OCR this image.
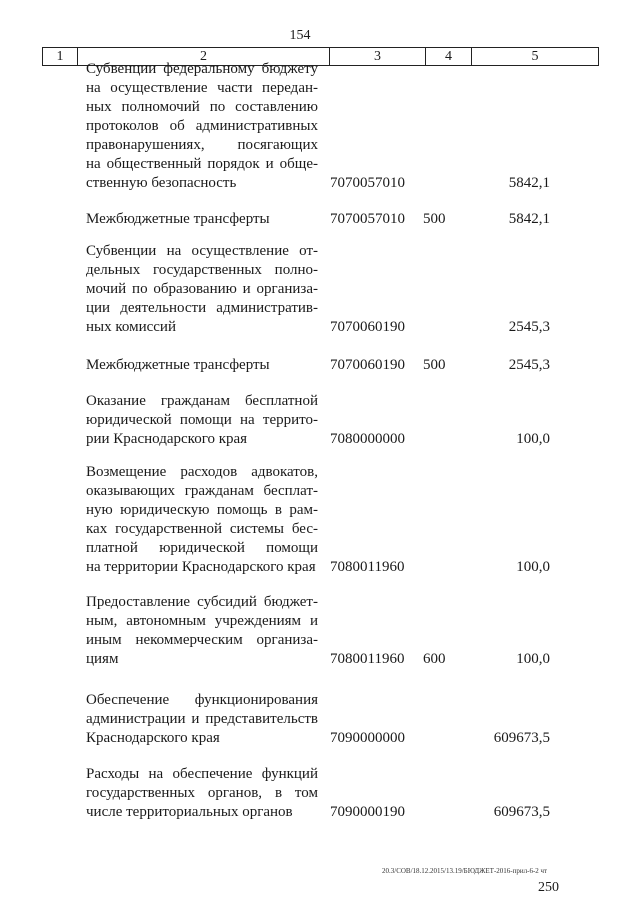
154
1	2	3	4	5
Субвенции федеральному бюджету
на осуществление части передан-
ных полномочий по составлению
протоколов об административных
правонарушениях, посягающих
на общественный порядок и обще-
ственную безопасность	7070057010	5842,1
Межбюджетные трансферты	7070057010 500	5842,1
Субвенции на осуществление от-
дельных государственных полно-
мочий по образованию и организа-
ции деятельности административ-
ных комиссий	7070060190	2545,3
Межбюджетные трансферты	7070060190 500	2545,3
Оказание гражданам бесплатной
юридической помощи на террито-
рии Краснодарского края	7080000000	100,0
Возмещение расходов адвокатов,
оказывающих гражданам бесплат-
ную юридическую помощь в рам-
ках государственной системы бес-
платной юридической помощи
на территории Краснодарского края 7080011960	100,0
Предоставление субсидий бюджет-
ным, автономным учреждениям и
иным некоммерческим организа-
циям	7080011960 600	100,0
Обеспечение функционирования
администрации и представительств
Краснодарского края	7090000000	609673,5
Расходы на обеспечение функций
государственных органов, в том
числе территориальных органов	7090000190	609673,5
20.3/СОВ/18.12.2015/13.19/БЮДЖЕТ-2016-прил-6-2 чт
250
